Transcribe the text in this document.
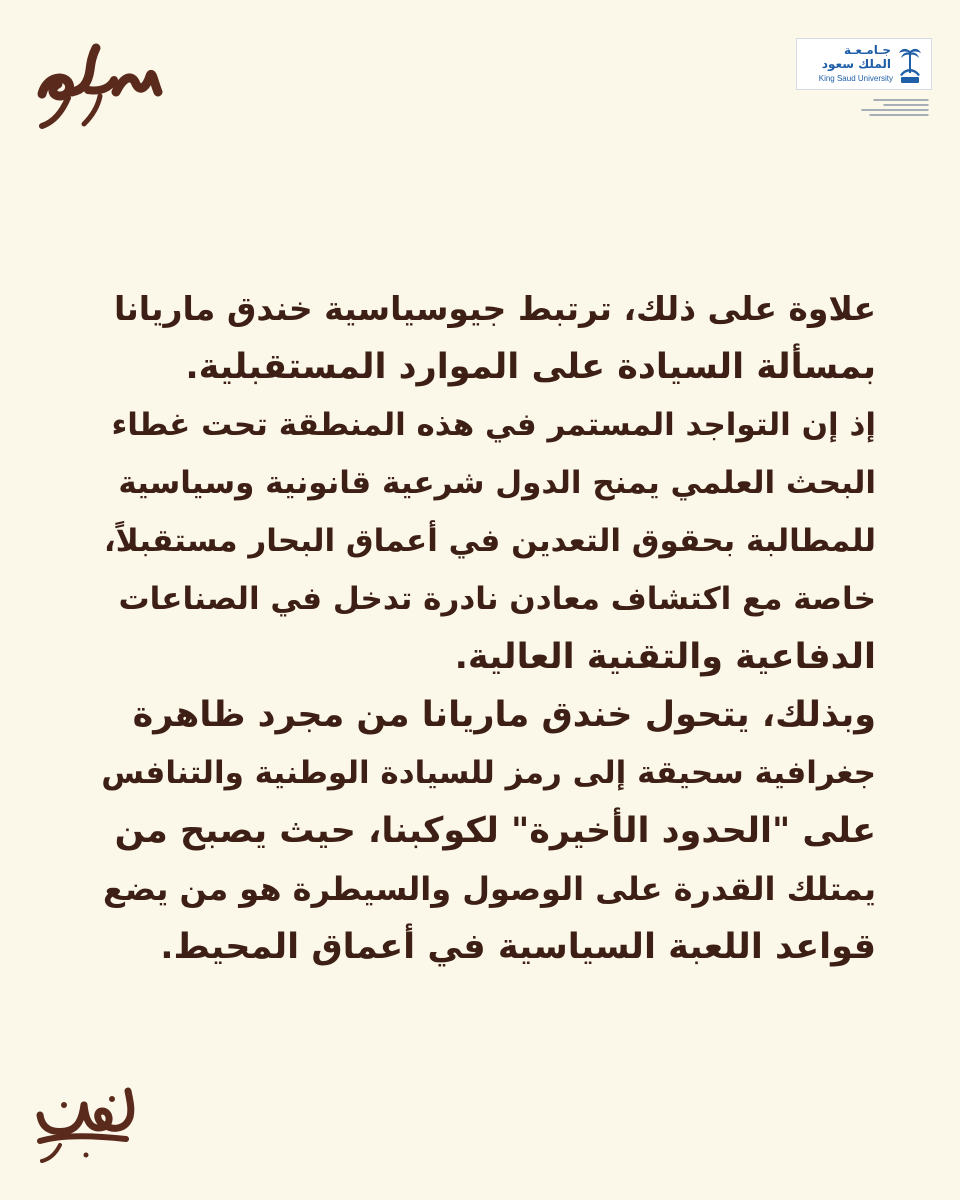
جـامـعـة
الملك سعود
King Saud University
علاوة على ذلك، ترتبط جيوسياسية خندق ماريانا
بمسألة السيادة على الموارد المستقبلية.
إذ إن التواجد المستمر في هذه المنطقة تحت غطاء
البحث العلمي يمنح الدول شرعية قانونية وسياسية
للمطالبة بحقوق التعدين في أعماق البحار مستقبلاً،
خاصة مع اكتشاف معادن نادرة تدخل في الصناعات
الدفاعية والتقنية العالية.
وبذلك، يتحول خندق ماريانا من مجرد ظاهرة
جغرافية سحيقة إلى رمز للسيادة الوطنية والتنافس
على "الحدود الأخيرة" لكوكبنا، حيث يصبح من
يمتلك القدرة على الوصول والسيطرة هو من يضع
قواعد اللعبة السياسية في أعماق المحيط.
